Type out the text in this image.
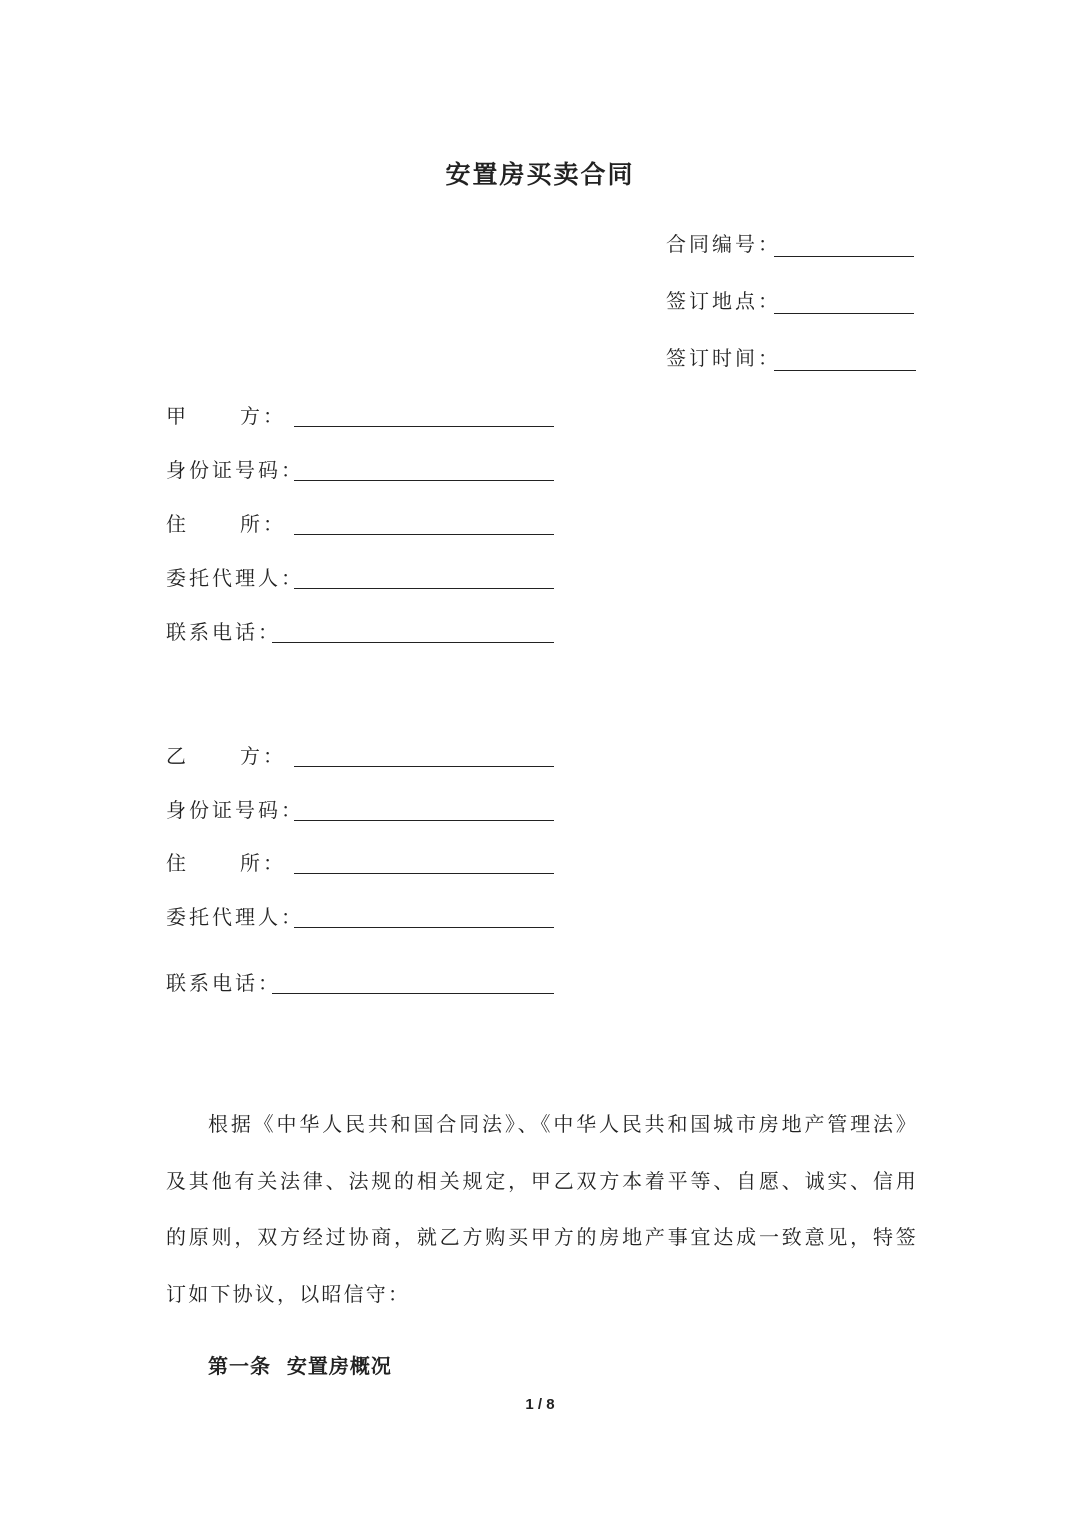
安置房买卖合同
合同编号：
签订地点：
签订时间：
甲	方：
身份证号码：
住	所：
委托代理人：
联系电话：
乙	方：
身份证号码：
住	所：
委托代理人：
联系电话：
根据《中华人民共和国合同法》、《中华人民共和国城市房地产管理法》及其他有关法律、法规的相关规定，甲乙双方本着平等、自愿、诚实、信用的原则，双方经过协商，就乙方购买甲方的房地产事宜达成一致意见，特签订如下协议，以昭信守：
第一条  安置房概况
1 / 8
